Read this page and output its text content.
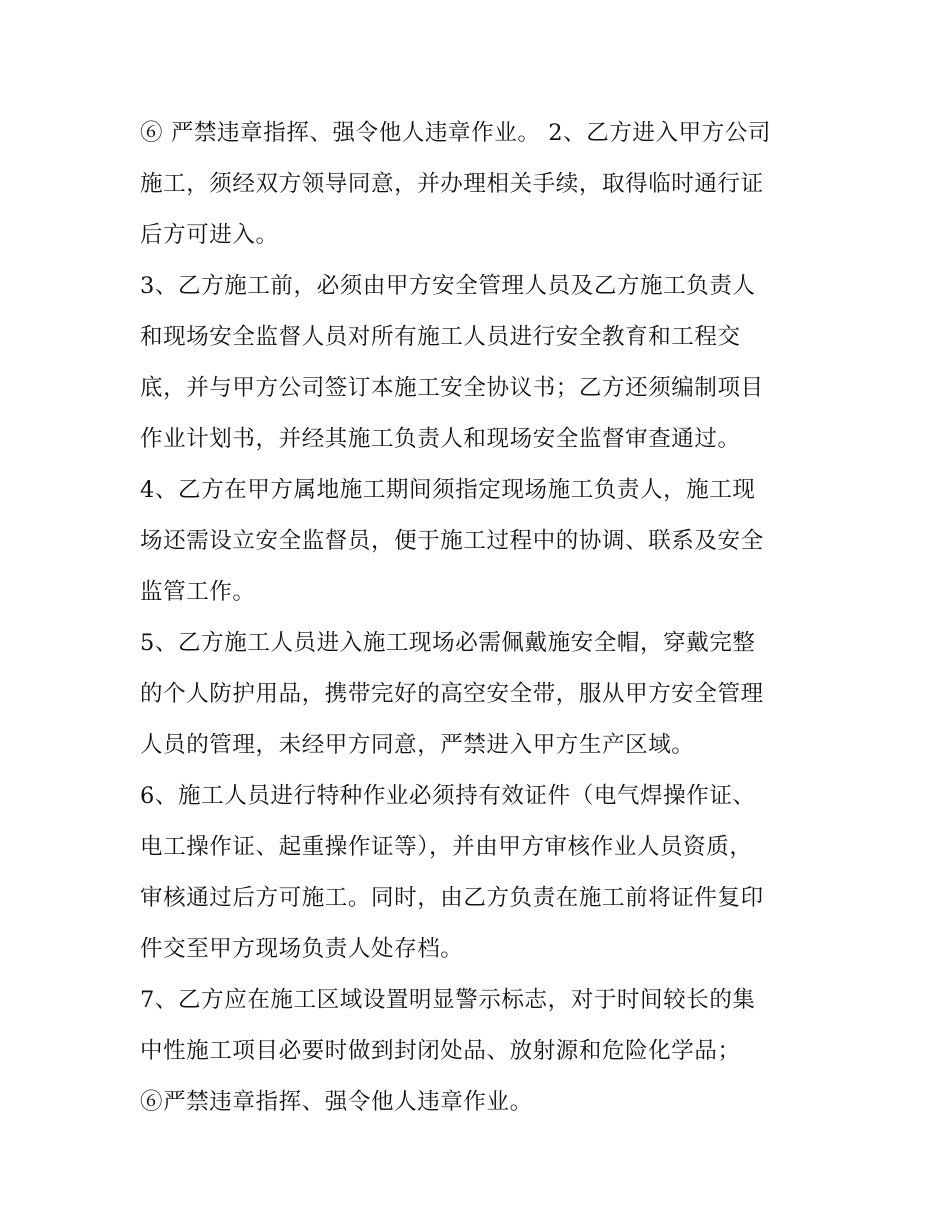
⑥ 严禁违章指挥、强令他人违章作业。 2、乙方进入甲方公司
施工，须经双方领导同意，并办理相关手续，取得临时通行证
后方可进入。
3、乙方施工前，必须由甲方安全管理人员及乙方施工负责人
和现场安全监督人员对所有施工人员进行安全教育和工程交
底，并与甲方公司签订本施工安全协议书；乙方还须编制项目
作业计划书，并经其施工负责人和现场安全监督审查通过。
4、乙方在甲方属地施工期间须指定现场施工负责人，施工现
场还需设立安全监督员，便于施工过程中的协调、联系及安全
监管工作。
5、乙方施工人员进入施工现场必需佩戴施安全帽，穿戴完整
的个人防护用品，携带完好的高空安全带，服从甲方安全管理
人员的管理，未经甲方同意，严禁进入甲方生产区域。
6、施工人员进行特种作业必须持有效证件（电气焊操作证、
电工操作证、起重操作证等），并由甲方审核作业人员资质，
审核通过后方可施工。同时，由乙方负责在施工前将证件复印
件交至甲方现场负责人处存档。
7、乙方应在施工区域设置明显警示标志，对于时间较长的集
中性施工项目必要时做到封闭处品、放射源和危险化学品；
⑥严禁违章指挥、强令他人违章作业。
